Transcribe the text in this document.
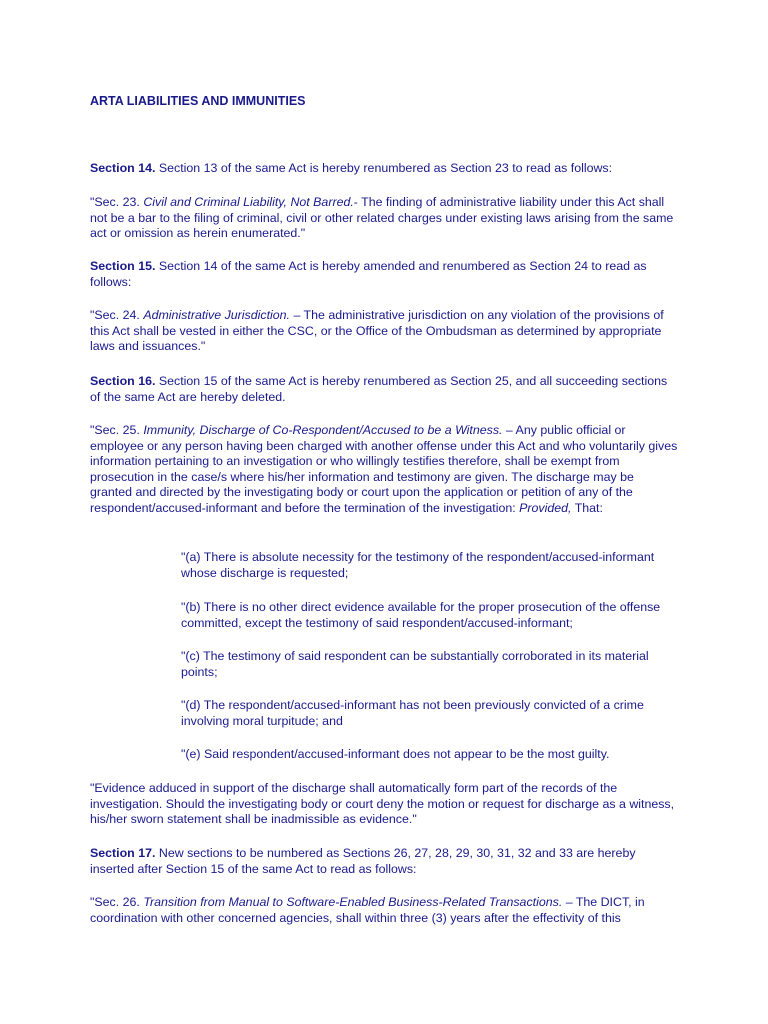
ARTA LIABILITIES AND IMMUNITIES

Section 14. Section 13 of the same Act is hereby renumbered as Section 23 to read as follows:

"Sec. 23. Civil and Criminal Liability, Not Barred.- The finding of administrative liability under this Act shall not be a bar to the filing of criminal, civil or other related charges under existing laws arising from the same act or omission as herein enumerated."

Section 15. Section 14 of the same Act is hereby amended and renumbered as Section 24 to read as follows:

"Sec. 24. Administrative Jurisdiction. – The administrative jurisdiction on any violation of the provisions of this Act shall be vested in either the CSC, or the Office of the Ombudsman as determined by appropriate laws and issuances."

Section 16. Section 15 of the same Act is hereby renumbered as Section 25, and all succeeding sections of the same Act are hereby deleted.

"Sec. 25. Immunity, Discharge of Co-Respondent/Accused to be a Witness. – Any public official or employee or any person having been charged with another offense under this Act and who voluntarily gives information pertaining to an investigation or who willingly testifies therefore, shall be exempt from prosecution in the case/s where his/her information and testimony are given. The discharge may be granted and directed by the investigating body or court upon the application or petition of any of the respondent/accused-informant and before the termination of the investigation: Provided, That:

"(a) There is absolute necessity for the testimony of the respondent/accused-informant whose discharge is requested;

"(b) There is no other direct evidence available for the proper prosecution of the offense committed, except the testimony of said respondent/accused-informant;

"(c) The testimony of said respondent can be substantially corroborated in its material points;

"(d) The respondent/accused-informant has not been previously convicted of a crime involving moral turpitude; and

"(e) Said respondent/accused-informant does not appear to be the most guilty.

"Evidence adduced in support of the discharge shall automatically form part of the records of the investigation. Should the investigating body or court deny the motion or request for discharge as a witness, his/her sworn statement shall be inadmissible as evidence."

Section 17. New sections to be numbered as Sections 26, 27, 28, 29, 30, 31, 32 and 33 are hereby inserted after Section 15 of the same Act to read as follows:

"Sec. 26. Transition from Manual to Software-Enabled Business-Related Transactions. – The DICT, in coordination with other concerned agencies, shall within three (3) years after the effectivity of this
